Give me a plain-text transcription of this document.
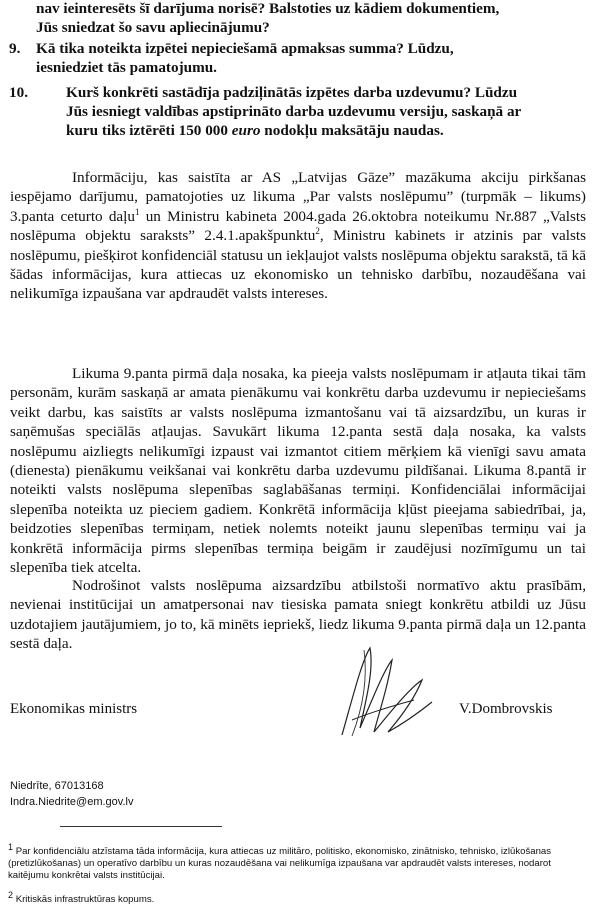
nav ieinteresēts šī darījuma norisē? Balstoties uz kādiem dokumentiem,
Jūs sniedzat šo savu apliecinājumu?
9. Kā tika noteikta izpētei nepieciešamā apmaksas summa? Lūdzu,
iesniedziet tās pamatojumu.
10.	Kurš konkrēti sastādīja padziļinātās izpētes darba uzdevumu? Lūdzu
Jūs iesniegt valdības apstiprināto darba uzdevumu versiju, saskaņā ar
kuru tiks iztērēti 150 000 euro nodokļu maksātāju naudas.
Informāciju, kas saistīta ar AS „Latvijas Gāze” mazākuma akciju pirkšanas iespējamo darījumu, pamatojoties uz likuma „Par valsts noslēpumu” (turpmāk – likums) 3.panta ceturto daļu$^1$ un Ministru kabineta 2004.gada 26.oktobra noteikumu Nr.887 „Valsts noslēpuma objektu saraksts” 2.4.1.apakšpunktu$^2$, Ministru kabinets ir atzinis par valsts noslēpumu, piešķirot konfidenciāl statusu un iekļaujot valsts noslēpuma objektu sarakstā, tā kā šādas informācijas, kura attiecas uz ekonomisko un tehnisko darbību, nozaudēšana vai nelikumīga izpaušana var apdraudēt valsts intereses.
Likuma 9.panta pirmā daļa nosaka, ka pieeja valsts noslēpumam ir atļauta tikai tām personām, kurām saskaņā ar amata pienākumu vai konkrētu darba uzdevumu ir nepieciešams veikt darbu, kas saistīts ar valsts noslēpuma izmantošanu vai tā aizsardzību, un kuras ir saņēmušas speciālās atļaujas. Savukārt likuma 12.panta sestā daļa nosaka, ka valsts noslēpumu aizliegts nelikumīgi izpaust vai izmantot citiem mērķiem kā vienīgi savu amata (dienesta) pienākumu veikšanai vai konkrētu darba uzdevumu pildīšanai. Likuma 8.pantā ir noteikti valsts noslēpuma slepenības saglabāšanas termiņi. Konfidenciālai informācijai slepenība noteikta uz pieciem gadiem. Konkrētā informācija kļūst pieejama sabiedrībai, ja, beidzoties slepenības termiņam, netiek nolemts noteikt jaunu slepenības termiņu vai ja konkrētā informācija pirms slepenības termiņa beigām ir zaudējusi nozīmīgumu un tai slepenība tiek atcelta.
Nodrošinot valsts noslēpuma aizsardzību atbilstoši normatīvo aktu prasībām, nevienai institūcijai un amatpersonai nav tiesiska pamata sniegt konkrētu atbildi uz Jūsu uzdotajiem jautājumiem, jo to, kā minēts iepriekš, liedz likuma 9.panta pirmā daļa un 12.panta sestā daļa.
Ekonomikas ministrs	V.Dombrovskis
Niedrīte, 67013168
Indra.Niedrite@em.gov.lv
$^1$ Par konfidenciālu atzīstama tāda informācija, kura attiecas uz militāro, politisko, ekonomisko, zinātnisko, tehnisko, izlūkošanas (pretizlūkošanas) un operatīvo darbību un kuras nozaudēšana vai nelikumīga izpaušana var apdraudēt valsts intereses, nodarot kaitējumu konkrētai valsts institūcijai.
$^2$ Kritiskās infrastruktūras kopums.
